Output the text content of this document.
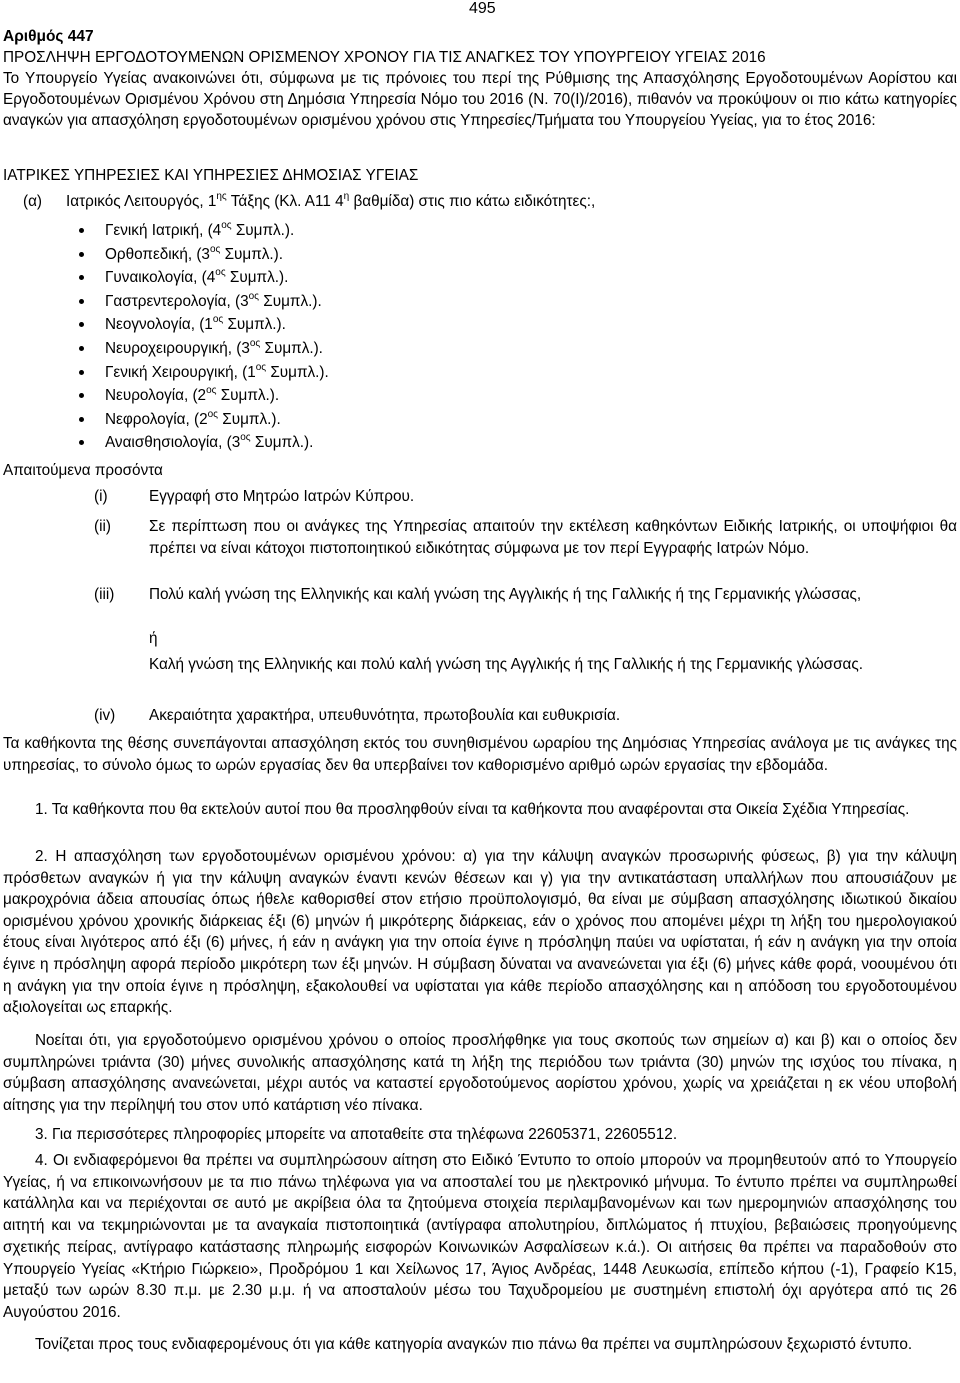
495
Αριθμός 447
ΠΡΟΣΛΗΨΗ ΕΡΓΟΔΟΤΟΥΜΕΝΩΝ ΟΡΙΣΜΕΝΟΥ ΧΡΟΝΟΥ ΓΙΑ ΤΙΣ ΑΝΑΓΚΕΣ ΤΟΥ ΥΠΟΥΡΓΕΙΟΥ ΥΓΕΙΑΣ 2016
Το Υπουργείο Υγείας ανακοινώνει ότι, σύμφωνα με τις πρόνοιες του περί της Ρύθμισης της Απασχόλησης Εργοδοτουμένων Αορίστου και Εργοδοτουμένων Ορισμένου Χρόνου στη Δημόσια Υπηρεσία Νόμο του 2016 (Ν. 70(Ι)/2016), πιθανόν να προκύψουν οι πιο κάτω κατηγορίες αναγκών για απασχόληση εργοδοτουμένων ορισμένου χρόνου στις Υπηρεσίες/Τμήματα του Υπουργείου Υγείας, για το έτος 2016:
ΙΑΤΡΙΚΕΣ ΥΠΗΡΕΣΙΕΣ ΚΑΙ ΥΠΗΡΕΣΙΕΣ ΔΗΜΟΣΙΑΣ ΥΓΕΙΑΣ
(α) Ιατρικός Λειτουργός, $1^{\eta\varsigma}$ Τάξης (Κλ. Α11 $4^\eta$ βαθμίδα) στις πιο κάτω ειδικότητες:,
Γενική Ιατρική, ($4^{o\varsigma}$ Συμπλ.).
Ορθοπεδική, ($3^{o\varsigma}$ Συμπλ.).
Γυναικολογία, ($4^{o\varsigma}$ Συμπλ.).
Γαστρεντερολογία, ($3^{o\varsigma}$ Συμπλ.).
Νεογνολογία, ($1^{o\varsigma}$ Συμπλ.).
Νευροχειρουργική, ($3^{o\varsigma}$ Συμπλ.).
Γενική Χειρουργική, ($1^{o\varsigma}$ Συμπλ.).
Νευρολογία, ($2^{o\varsigma}$ Συμπλ.).
Νεφρολογία, ($2^{o\varsigma}$ Συμπλ.).
Αναισθησιολογία, ($3^{o\varsigma}$ Συμπλ.).
Απαιτούμενα προσόντα
(i)	Εγγραφή στο Μητρώο Ιατρών Κύπρου.
(ii) Σε περίπτωση που οι ανάγκες της Υπηρεσίας απαιτούν την εκτέλεση καθηκόντων Ειδικής Ιατρικής, οι υποψήφιοι θα πρέπει να είναι κάτοχοι πιστοποιητικού ειδικότητας σύμφωνα με τον περί Εγγραφής Ιατρών Νόμο.
(iii) Πολύ καλή γνώση της Ελληνικής και καλή γνώση της Αγγλικής ή της Γαλλικής ή της Γερμανικής γλώσσας,
ή
Καλή γνώση της Ελληνικής και πολύ καλή γνώση της Αγγλικής ή της Γαλλικής ή της Γερμανικής γλώσσας.
(iv) Ακεραιότητα χαρακτήρα, υπευθυνότητα, πρωτοβουλία και ευθυκρισία.
Τα καθήκοντα της θέσης συνεπάγονται απασχόληση εκτός του συνηθισμένου ωραρίου της Δημόσιας Υπηρεσίας ανάλογα με τις ανάγκες της υπηρεσίας, το σύνολο όμως το ωρών εργασίας δεν θα υπερβαίνει τον καθορισμένο αριθμό ωρών εργασίας την εβδομάδα.
1. Τα καθήκοντα που θα εκτελούν αυτοί που θα προσληφθούν είναι τα καθήκοντα που αναφέρονται στα Οικεία Σχέδια Υπηρεσίας.
2. Η απασχόληση των εργοδοτουμένων ορισμένου χρόνου: α) για την κάλυψη αναγκών προσωρινής φύσεως, β) για την κάλυψη πρόσθετων αναγκών ή για την κάλυψη αναγκών έναντι κενών θέσεων και γ) για την αντικατάσταση υπαλλήλων που απουσιάζουν με μακροχρόνια άδεια απουσίας όπως ήθελε καθορισθεί στον ετήσιο προϋπολογισμό, θα είναι με σύμβαση απασχόλησης ιδιωτικού δικαίου ορισμένου χρόνου χρονικής διάρκειας έξι (6) μηνών ή μικρότερης διάρκειας, εάν ο χρόνος που απομένει μέχρι τη λήξη του ημερολογιακού έτους είναι λιγότερος από έξι (6) μήνες, ή εάν η ανάγκη για την οποία έγινε η πρόσληψη παύει να υφίσταται, ή εάν η ανάγκη για την οποία έγινε η πρόσληψη αφορά περίοδο μικρότερη των έξι μηνών. Η σύμβαση δύναται να ανανεώνεται για έξι (6) μήνες κάθε φορά, νοουμένου ότι η ανάγκη για την οποία έγινε η πρόσληψη, εξακολουθεί να υφίσταται για κάθε περίοδο απασχόλησης και η απόδοση του εργοδοτουμένου αξιολογείται ως επαρκής.
Νοείται ότι, για εργοδοτούμενο ορισμένου χρόνου ο οποίος προσλήφθηκε για τους σκοπούς των σημείων α) και β) και ο οποίος δεν συμπληρώνει τριάντα (30) μήνες συνολικής απασχόλησης κατά τη λήξη της περιόδου των τριάντα (30) μηνών της ισχύος του πίνακα, η σύμβαση απασχόλησης ανανεώνεται, μέχρι αυτός να καταστεί εργοδοτούμενος αορίστου χρόνου, χωρίς να χρειάζεται η εκ νέου υποβολή αίτησης για την περίληψή του στον υπό κατάρτιση νέο πίνακα.
3. Για περισσότερες πληροφορίες μπορείτε να αποταθείτε στα τηλέφωνα 22605371, 22605512.
4. Οι ενδιαφερόμενοι θα πρέπει να συμπληρώσουν αίτηση στο Ειδικό Έντυπο το οποίο μπορούν να προμηθευτούν από το Υπουργείο Υγείας, ή να επικοινωνήσουν με τα πιο πάνω τηλέφωνα για να αποσταλεί του με ηλεκτρονικό μήνυμα. Το έντυπο πρέπει να συμπληρωθεί κατάλληλα και να περιέχονται σε αυτό με ακρίβεια όλα τα ζητούμενα στοιχεία περιλαμβανομένων και των ημερομηνιών απασχόλησης του αιτητή και να τεκμηριώνονται με τα αναγκαία πιστοποιητικά (αντίγραφα απολυτηρίου, διπλώματος ή πτυχίου, βεβαιώσεις προηγούμενης σχετικής πείρας, αντίγραφο κατάστασης πληρωμής εισφορών Κοινωνικών Ασφαλίσεων κ.ά.). Οι αιτήσεις θα πρέπει να παραδοθούν στο Υπουργείο Υγείας «Κτήριο Γιώρκειο», Προδρόμου 1 και Χείλωνος 17, Άγιος Ανδρέας, 1448 Λευκωσία, επίπεδο κήπου (-1), Γραφείο Κ15, μεταξύ των ωρών 8.30 π.μ. με 2.30 μ.μ. ή να αποσταλούν μέσω του Ταχυδρομείου με συστημένη επιστολή όχι αργότερα από τις 26 Αυγούστου 2016.
Τονίζεται προς τους ενδιαφερομένους ότι για κάθε κατηγορία αναγκών πιο πάνω θα πρέπει να συμπληρώσουν ξεχωριστό έντυπο.
